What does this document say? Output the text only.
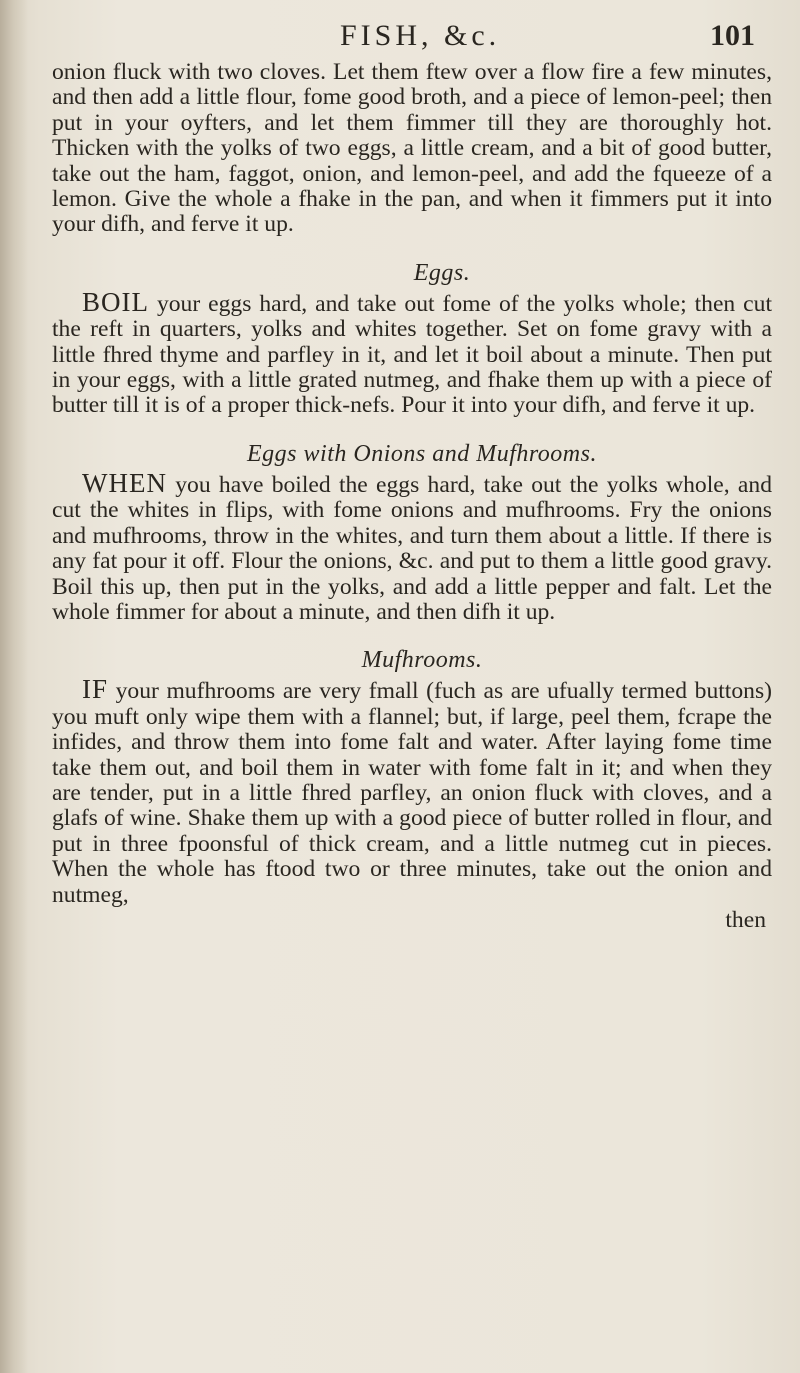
FISH, &c.	101

onion fluck with two cloves. Let them ftew over a flow fire a few minutes, and then add a little flour, fome good broth, and a piece of lemon-peel; then put in your oyfters, and let them fimmer till they are thoroughly hot. Thicken with the yolks of two eggs, a little cream, and a bit of good butter, take out the ham, faggot, onion, and lemon-peel, and add the fqueeze of a lemon. Give the whole a fhake in the pan, and when it fimmers put it into your difh, and ferve it up.

Eggs.

BOIL your eggs hard, and take out fome of the yolks whole; then cut the reft in quarters, yolks and whites together. Set on fome gravy with a little fhred thyme and parfley in it, and let it boil about a minute. Then put in your eggs, with a little grated nutmeg, and fhake them up with a piece of butter till it is of a proper thick-nefs. Pour it into your difh, and ferve it up.

Eggs with Onions and Mufhrooms.

WHEN you have boiled the eggs hard, take out the yolks whole, and cut the whites in flips, with fome onions and mufhrooms. Fry the onions and mufhrooms, throw in the whites, and turn them about a little. If there is any fat pour it off. Flour the onions, &c. and put to them a little good gravy. Boil this up, then put in the yolks, and add a little pepper and falt. Let the whole fimmer for about a minute, and then difh it up.

Mufhrooms.

IF your mufhrooms are very fmall (fuch as are ufually termed buttons) you muft only wipe them with a flannel; but, if large, peel them, fcrape the infides, and throw them into fome falt and water. After laying fome time take them out, and boil them in water with fome falt in it; and when they are tender, put in a little fhred parfley, an onion fluck with cloves, and a glafs of wine. Shake them up with a good piece of butter rolled in flour, and put in three fpoonsful of thick cream, and a little nutmeg cut in pieces. When the whole has ftood two or three minutes, take out the onion and nutmeg,

then
